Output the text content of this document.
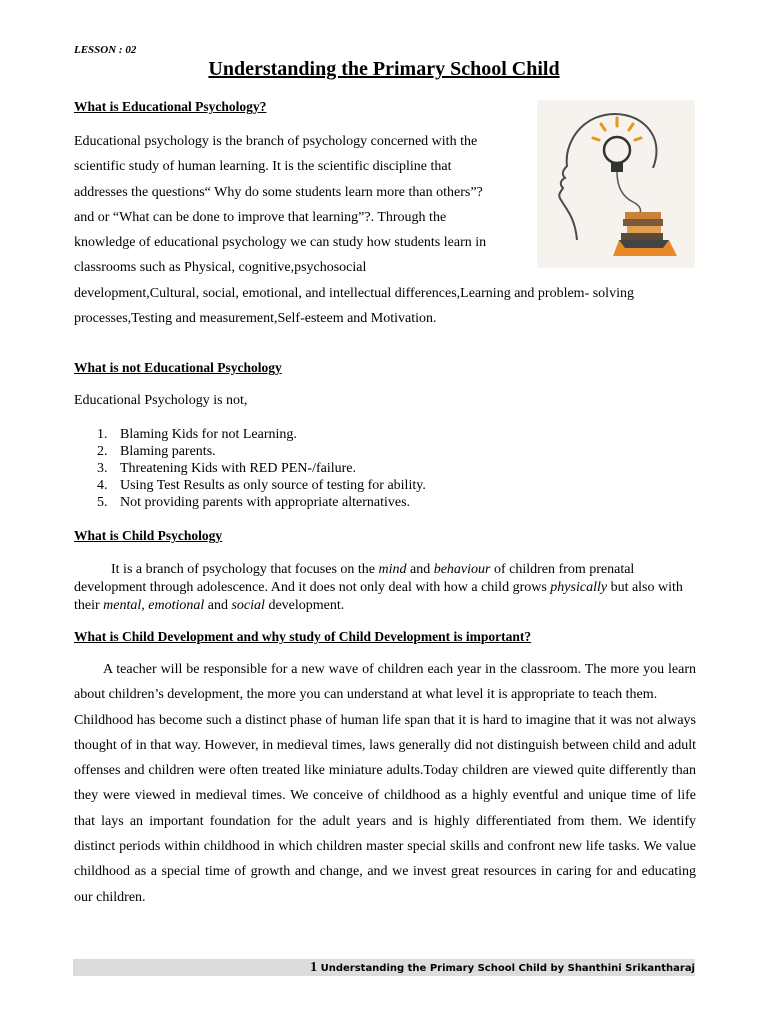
LESSON : 02
Understanding the Primary School Child
What is Educational Psychology?
Educational psychology is the branch of psychology concerned with the
scientific study of human learning. It is the scientific discipline that
addresses the questions“ Why do some students learn more than others”?
and or “What can be done to improve that learning”?. Through the
knowledge of educational psychology we can study how students learn in
classrooms such as Physical, cognitive,psychosocial
development,Cultural, social, emotional, and intellectual differences,Learning and problem- solving
processes,Testing and measurement,Self-esteem and Motivation.
What is not Educational Psychology
Educational Psychology is not,
1. Blaming Kids for not Learning.
2. Blaming parents.
3. Threatening Kids with RED PEN-/failure.
4. Using Test Results as only source of testing for ability.
5. Not providing parents with appropriate alternatives.
What is Child Psychology
It is a branch of psychology that focuses on the mind and behaviour of children from prenatal development through adolescence. And it does not only deal with how a child grows physically but also with their mental, emotional and social development.
What is Child Development and why study of Child Development is important?

A teacher will be responsible for a new wave of children each year in the classroom. The more you learn about children’s development, the more you can understand at what level it is appropriate to teach them.

Childhood has become such a distinct phase of human life span that it is hard to imagine that it was not always thought of in that way. However, in medieval times, laws generally did not distinguish between child and adult offenses and children were often treated like miniature adults.Today children are viewed quite differently than they were viewed in medieval times. We conceive of childhood as a highly eventful and unique time of life that lays an important foundation for the adult years and is highly differentiated from them. We identify distinct periods within childhood in which children master special skills and confront new life tasks. We value childhood as a special time of growth and change, and we invest great resources in caring for and educating our children.

1 Understanding the Primary School Child by Shanthini Srikantharaj
